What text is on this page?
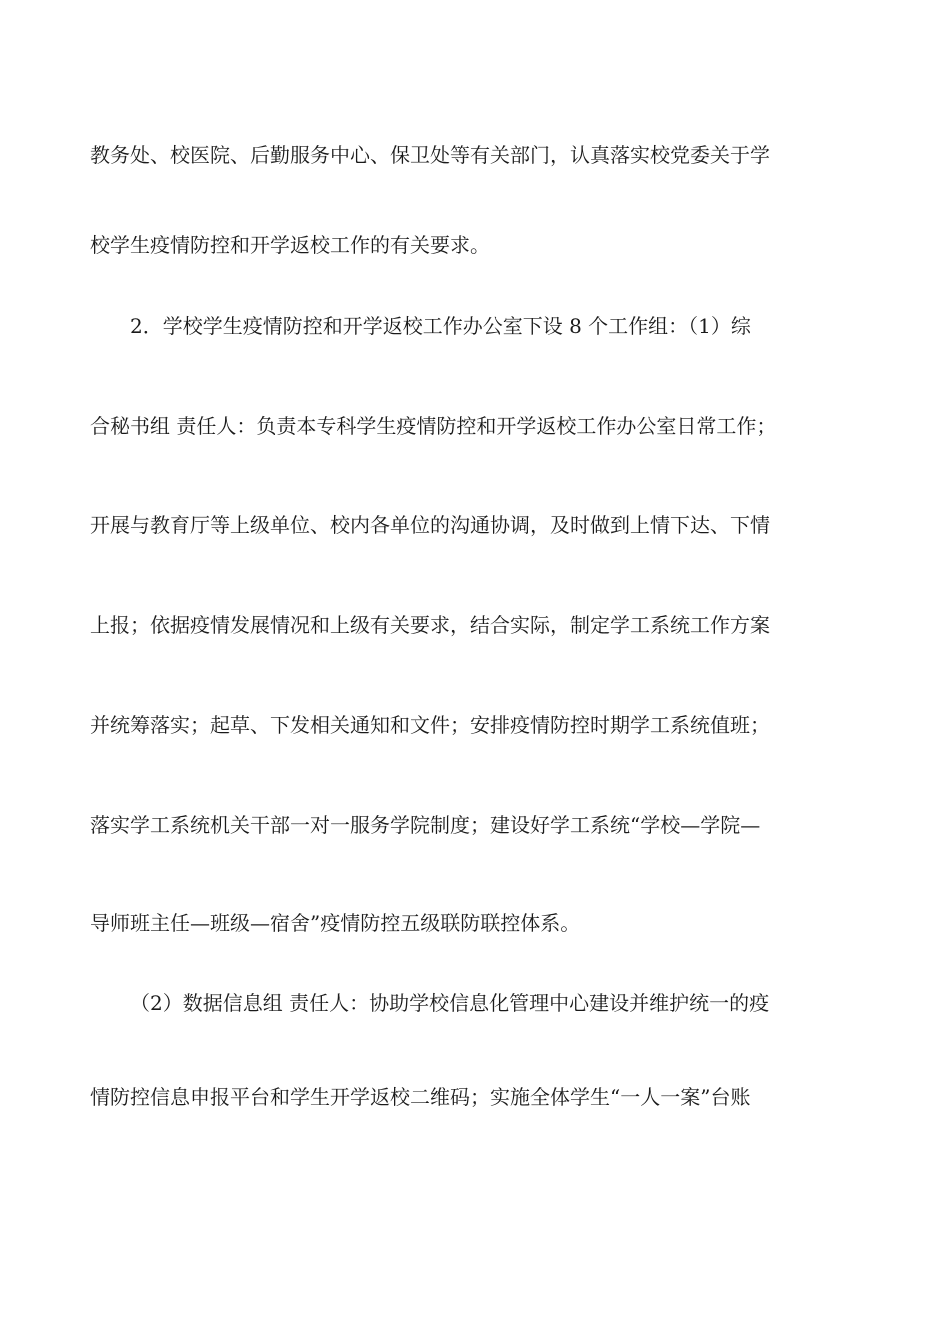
教务处、校医院、后勤服务中心、保卫处等有关部门，认真落实校党委关于学
校学生疫情防控和开学返校工作的有关要求。
2．学校学生疫情防控和开学返校工作办公室下设 8 个工作组：（1）综
合秘书组 责任人：负责本专科学生疫情防控和开学返校工作办公室日常工作；
开展与教育厅等上级单位、校内各单位的沟通协调，及时做到上情下达、下情
上报；依据疫情发展情况和上级有关要求，结合实际，制定学工系统工作方案
并统筹落实；起草、下发相关通知和文件；安排疫情防控时期学工系统值班；
落实学工系统机关干部一对一服务学院制度；建设好学工系统“学校—学院—
导师班主任—班级—宿舍”疫情防控五级联防联控体系。
（2）数据信息组 责任人：协助学校信息化管理中心建设并维护统一的疫
情防控信息申报平台和学生开学返校二维码；实施全体学生“一人一案”台账
